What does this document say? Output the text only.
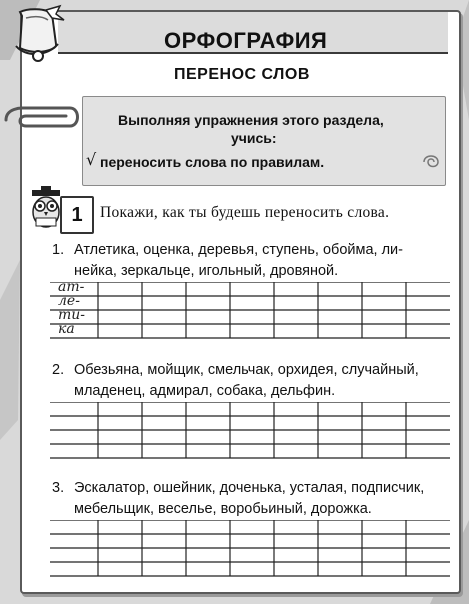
ОРФОГРАФИЯ
ПЕРЕНОС СЛОВ
Выполняя упражнения этого раздела,
учись:
√ переносить слова по правилам.
1	Покажи, как ты будешь переносить слова.
1. Атлетика, оценка, деревья, ступень, обойма, ли-
нейка, зеркальце, игольный, дровяной.
ат-
ле-
ти-
ка
2. Обезьяна, мойщик, смельчак, орхидея, случайный,
младенец, адмирал, собака, дельфин.
3. Эскалатор, ошейник, доченька, усталая, подписчик,
мебельщик, веселье, воробьиный, дорожка.
